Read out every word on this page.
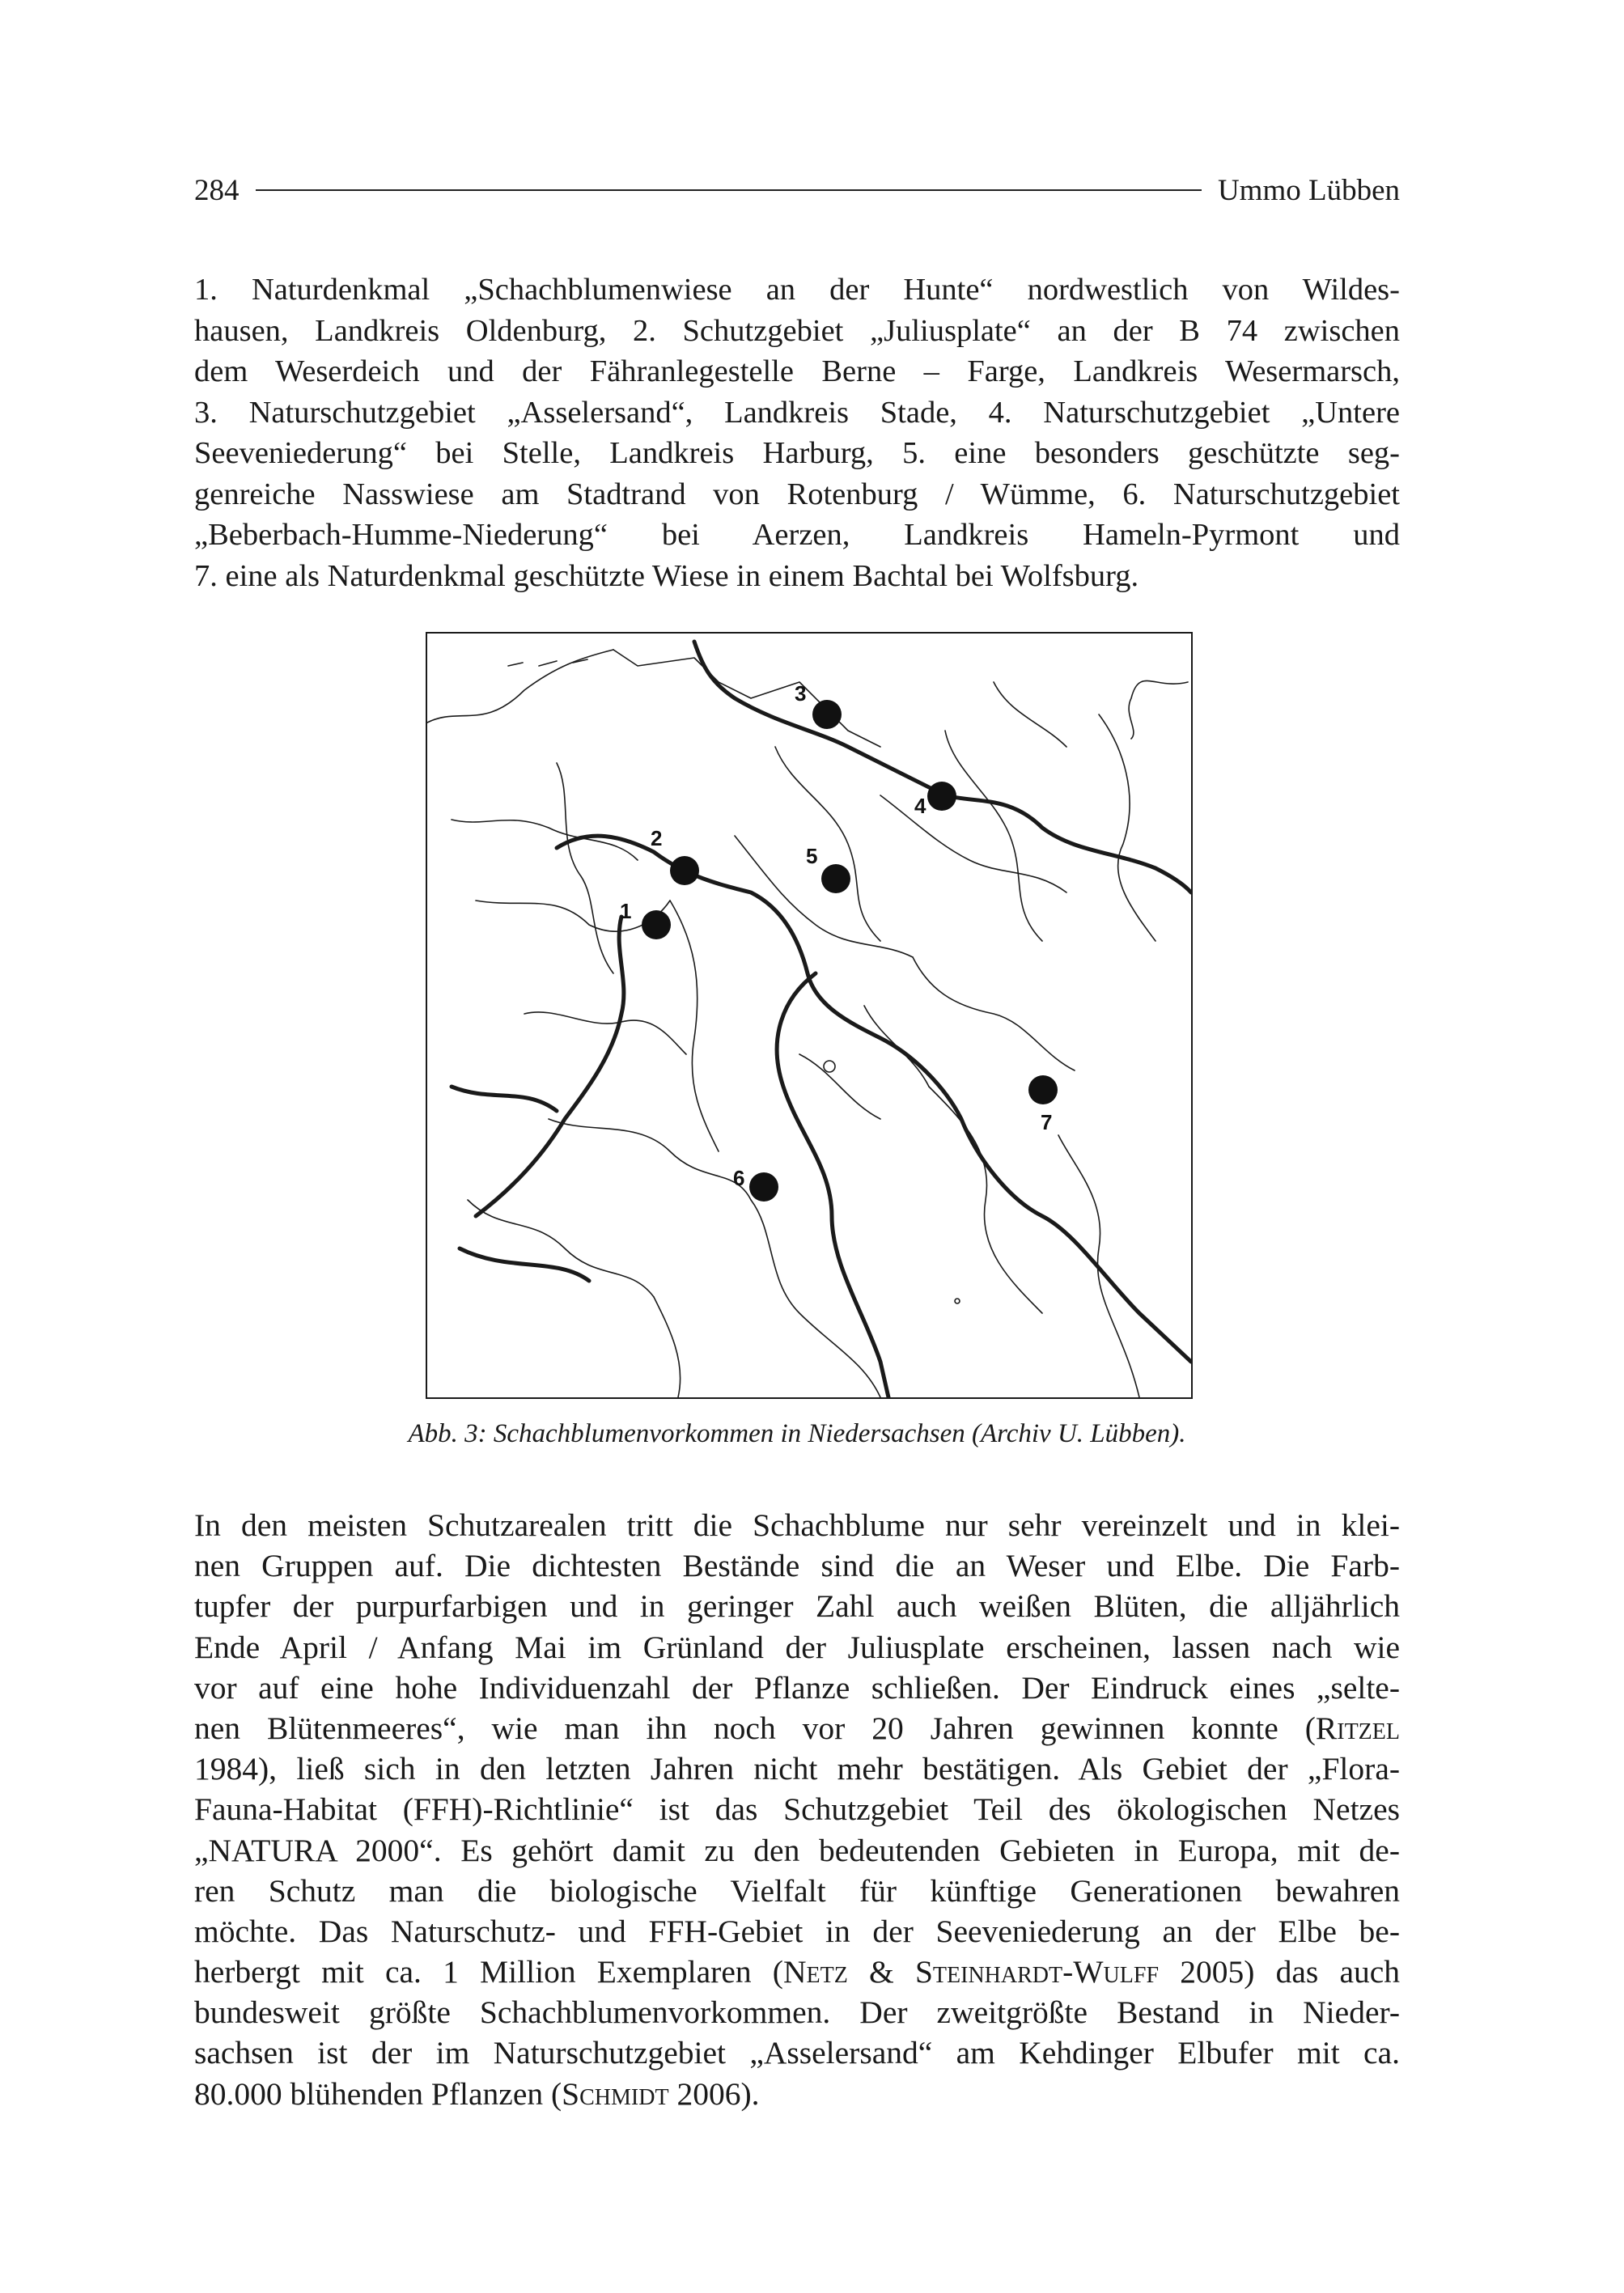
284	Ummo Lübben
1. Naturdenkmal „Schachblumenwiese an der Hunte“ nordwestlich von Wildes-
hausen, Landkreis Oldenburg, 2. Schutzgebiet „Juliusplate“ an der B 74 zwischen
dem Weserdeich und der Fähranlegestelle Berne – Farge, Landkreis Wesermarsch,
3. Naturschutzgebiet „Asselersand“, Landkreis Stade, 4. Naturschutzgebiet „Untere
Seeveniederung“ bei Stelle, Landkreis Harburg, 5. eine besonders geschützte seg-
genreiche Nasswiese am Stadtrand von Rotenburg / Wümme, 6. Naturschutzgebiet
„Beberbach-Humme-Niederung“ bei Aerzen, Landkreis Hameln-Pyrmont und
7. eine als Naturdenkmal geschützte Wiese in einem Bachtal bei Wolfsburg.
1
2
3
4
5
6
7
Abb. 3: Schachblumenvorkommen in Niedersachsen (Archiv U. Lübben).
In den meisten Schutzarealen tritt die Schachblume nur sehr vereinzelt und in klei-
nen Gruppen auf. Die dichtesten Bestände sind die an Weser und Elbe. Die Farb-
tupfer der purpurfarbigen und in geringer Zahl auch weißen Blüten, die alljährlich
Ende April / Anfang Mai im Grünland der Juliusplate erscheinen, lassen nach wie
vor auf eine hohe Individuenzahl der Pflanze schließen. Der Eindruck eines „selte-
nen Blütenmeeres“, wie man ihn noch vor 20 Jahren gewinnen konnte (Ritzel
1984), ließ sich in den letzten Jahren nicht mehr bestätigen. Als Gebiet der „Flora-
Fauna-Habitat (FFH)-Richtlinie“ ist das Schutzgebiet Teil des ökologischen Netzes
„NATURA 2000“. Es gehört damit zu den bedeutenden Gebieten in Europa, mit de-
ren Schutz man die biologische Vielfalt für künftige Generationen bewahren
möchte. Das Naturschutz- und FFH-Gebiet in der Seeveniederung an der Elbe be-
herbergt mit ca. 1 Million Exemplaren (Netz & Steinhardt-Wulff 2005) das auch
bundesweit größte Schachblumenvorkommen. Der zweitgrößte Bestand in Nieder-
sachsen ist der im Naturschutzgebiet „Asselersand“ am Kehdinger Elbufer mit ca.
80.000 blühenden Pflanzen (Schmidt 2006).
